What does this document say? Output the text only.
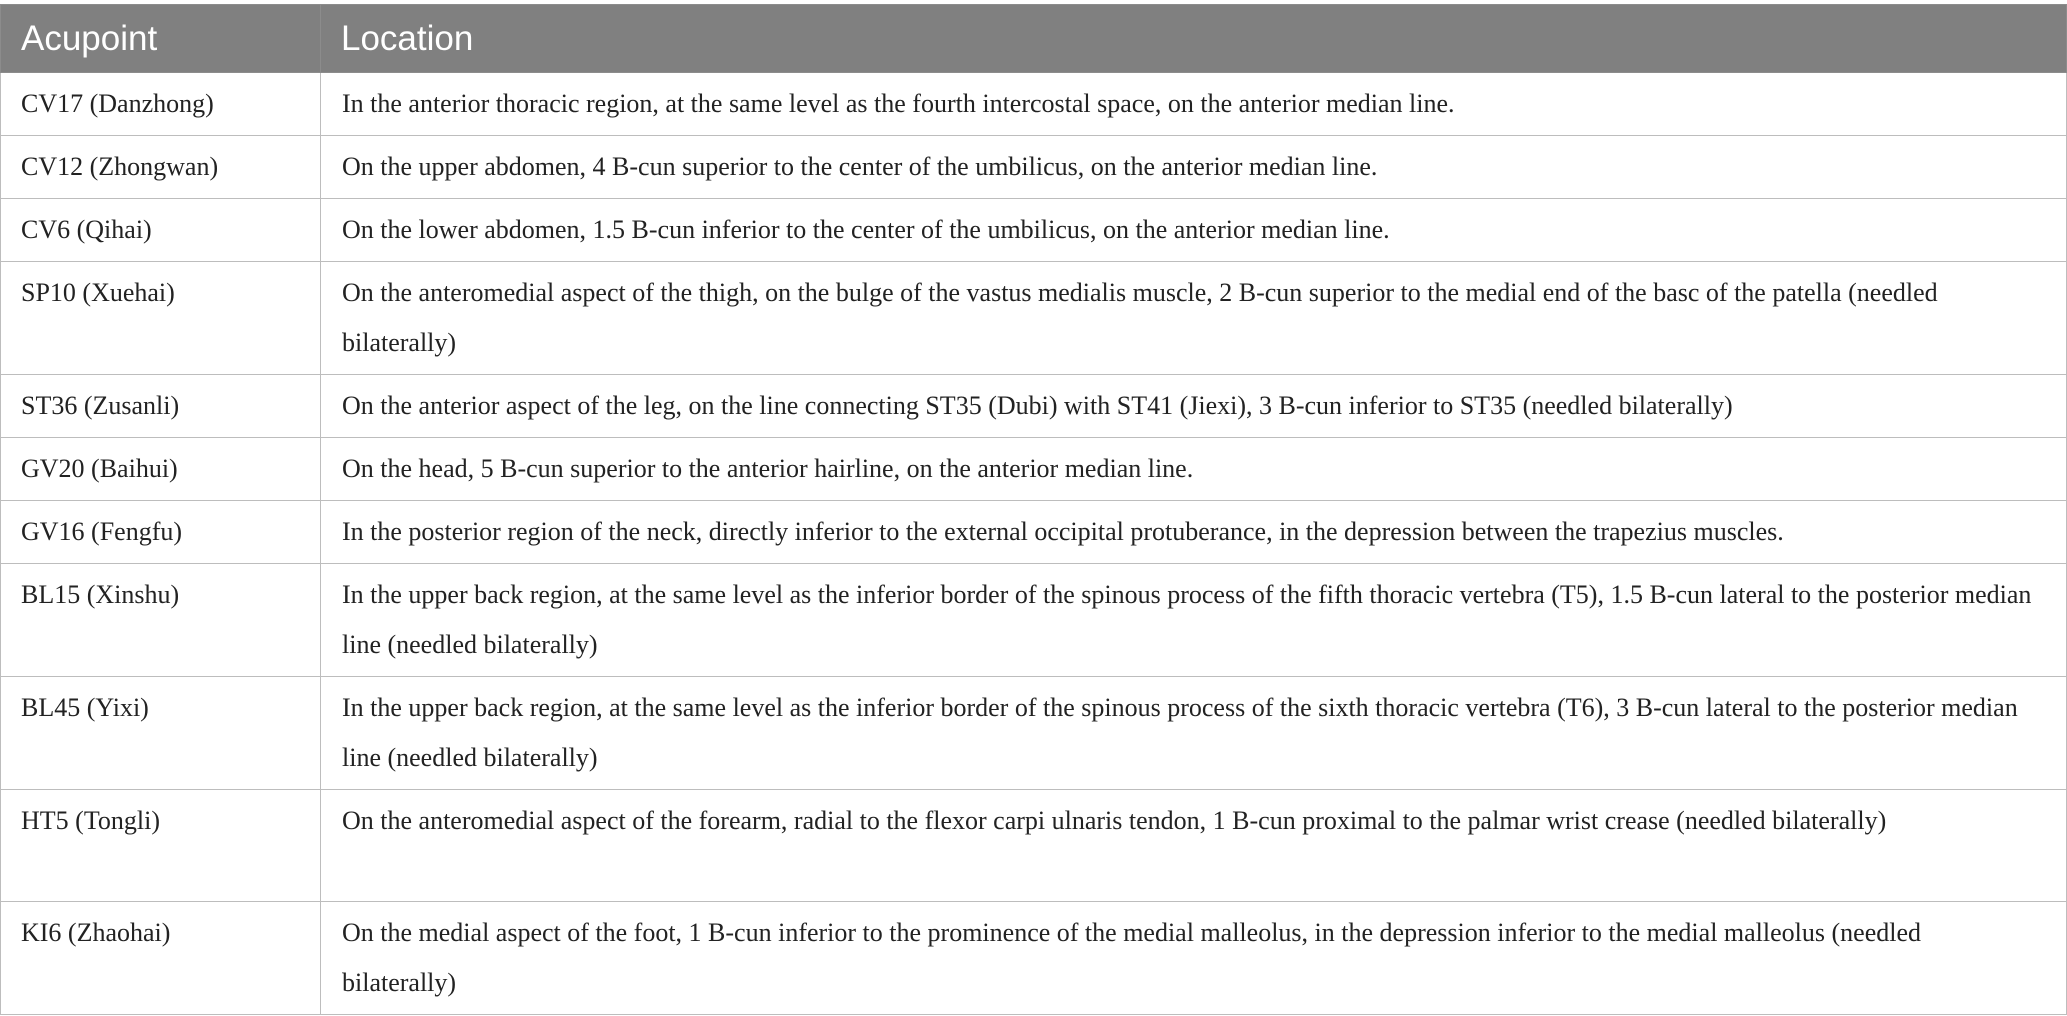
Acupoint	Location
CV17 (Danzhong)	In the anterior thoracic region, at the same level as the fourth intercostal space, on the anterior median line.
CV12 (Zhongwan)	On the upper abdomen, 4 B-cun superior to the center of the umbilicus, on the anterior median line.
CV6 (Qihai)	On the lower abdomen, 1.5 B-cun inferior to the center of the umbilicus, on the anterior median line.
SP10 (Xuehai)	On the anteromedial aspect of the thigh, on the bulge of the vastus medialis muscle, 2 B-cun superior to the medial end of the basc of the patella (needled bilaterally)
ST36 (Zusanli)	On the anterior aspect of the leg, on the line connecting ST35 (Dubi) with ST41 (Jiexi), 3 B-cun inferior to ST35 (needled bilaterally)
GV20 (Baihui)	On the head, 5 B-cun superior to the anterior hairline, on the anterior median line.
GV16 (Fengfu)	In the posterior region of the neck, directly inferior to the external occipital protuberance, in the depression between the trapezius muscles.
BL15 (Xinshu)	In the upper back region, at the same level as the inferior border of the spinous process of the fifth thoracic vertebra (T5), 1.5 B-cun lateral to the posterior median line (needled bilaterally)
BL45 (Yixi)	In the upper back region, at the same level as the inferior border of the spinous process of the sixth thoracic vertebra (T6), 3 B-cun lateral to the posterior median line (needled bilaterally)
HT5 (Tongli)	On the anteromedial aspect of the forearm, radial to the flexor carpi ulnaris tendon, 1 B-cun proximal to the palmar wrist crease (needled bilaterally)
KI6 (Zhaohai)	On the medial aspect of the foot, 1 B-cun inferior to the prominence of the medial malleolus, in the depression inferior to the medial malleolus (needled bilaterally)
